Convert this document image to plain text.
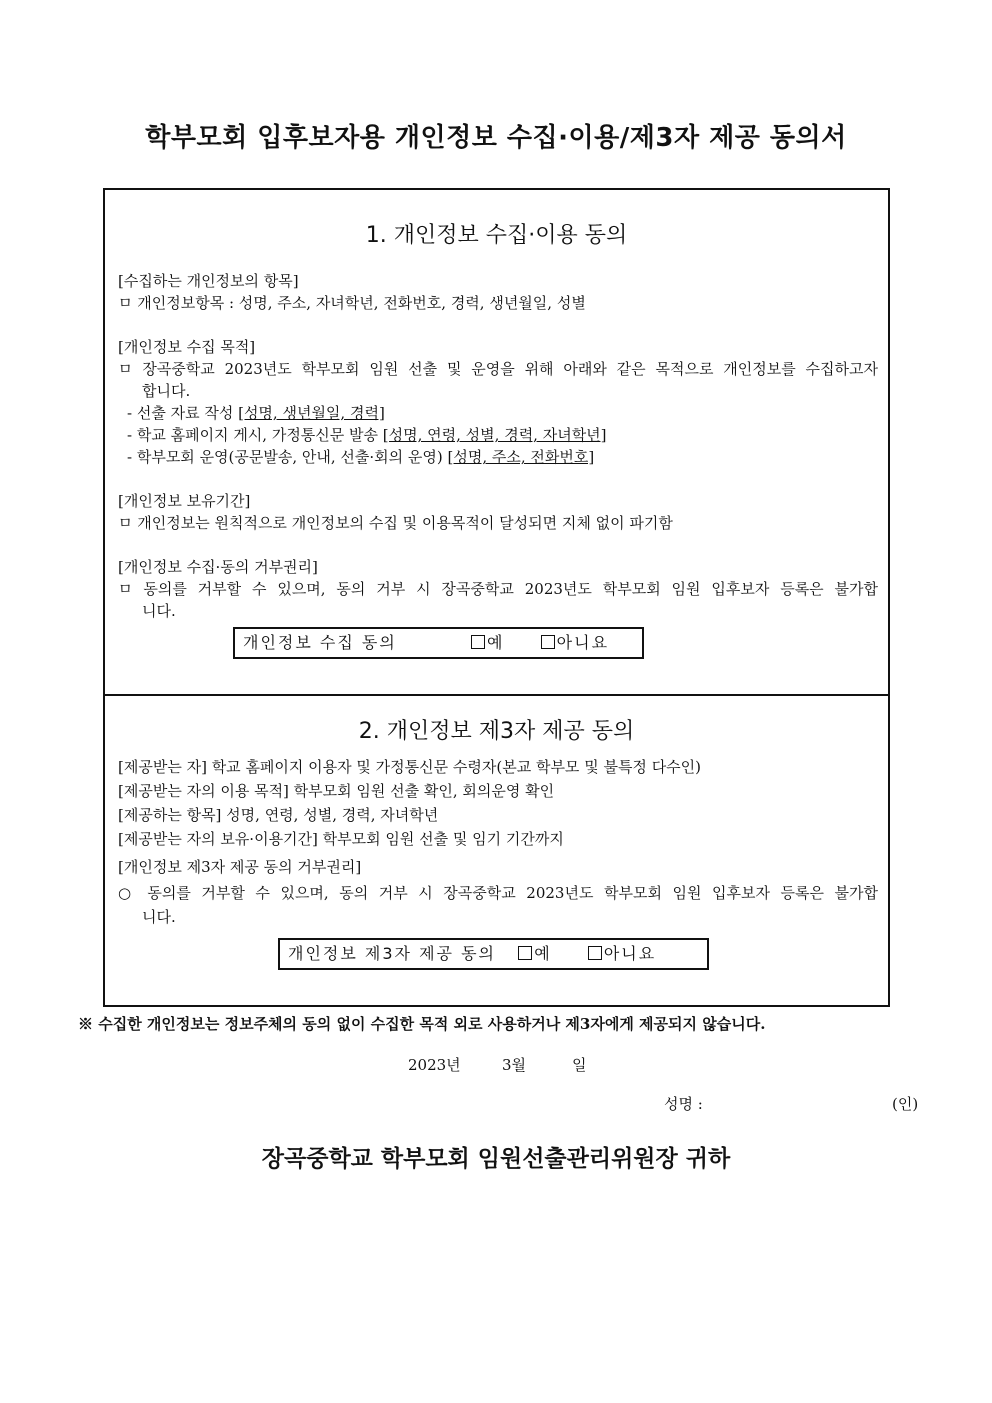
학부모회 입후보자용 개인정보 수집·이용/제3자 제공 동의서
1. 개인정보 수집·이용 동의
[수집하는 개인정보의 항목]
ㅁ 개인정보항목 : 성명, 주소, 자녀학년, 전화번호, 경력, 생년월일, 성별
[개인정보 수집 목적]
ㅁ 장곡중학교 2023년도 학부모회 임원 선출 및 운영을 위해 아래와 같은 목적으로 개인정보를 수집하고자
합니다.
- 선출 자료 작성 [성명, 생년월일, 경력]
- 학교 홈페이지 게시, 가정통신문 발송 [성명, 연령, 성별, 경력, 자녀학년]
- 학부모회 운영(공문발송, 안내, 선출·회의 운영) [성명, 주소, 전화번호]
[개인정보 보유기간]
ㅁ 개인정보는 원칙적으로 개인정보의 수집 및 이용목적이 달성되면 지체 없이 파기함
[개인정보 수집·동의 거부권리]
ㅁ 동의를 거부할 수 있으며, 동의 거부 시 장곡중학교 2023년도 학부모회 임원 입후보자 등록은 불가합
니다.
개인정보 수집 동의	예	아니요
2. 개인정보 제3자 제공 동의
[제공받는 자] 학교 홈페이지 이용자 및 가정통신문 수령자(본교 학부모 및 불특정 다수인)
[제공받는 자의 이용 목적] 학부모회 임원 선출 확인, 회의운영 확인
[제공하는 항목] 성명, 연령, 성별, 경력, 자녀학년
[제공받는 자의 보유·이용기간] 학부모회 임원 선출 및 임기 기간까지
[개인정보 제3자 제공 동의 거부권리]
○ 동의를 거부할 수 있으며, 동의 거부 시 장곡중학교 2023년도 학부모회 임원 입후보자 등록은 불가합
니다.
개인정보 제3자 제공 동의 예	아니요
※ 수집한 개인정보는 정보주체의 동의 없이 수집한 목적 외로 사용하거나 제3자에게 제공되지 않습니다.
2023년	3월	일
성명 :	(인)
장곡중학교 학부모회 임원선출관리위원장 귀하
